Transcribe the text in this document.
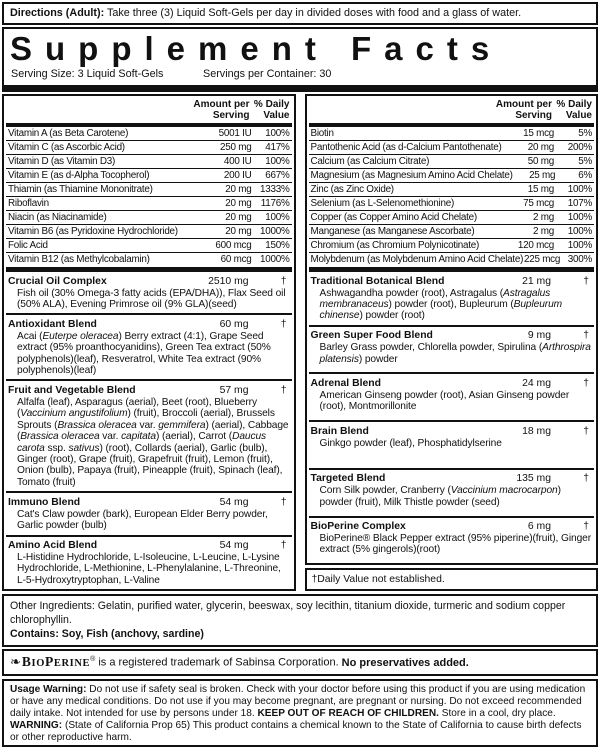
Directions (Adult): Take three (3) Liquid Soft-Gels per day in divided doses with food and a glass of water.
Supplement Facts
Serving Size: 3 Liquid Soft-Gels	Servings per Container: 30
Amount per Serving
% Daily Value
Vitamin A (as Beta Carotene)	5001 IU	100%
Vitamin C (as Ascorbic Acid)	250 mg	417%
Vitamin D (as Vitamin D3)	400 IU	100%
Vitamin E (as d-Alpha Tocopherol)	200 IU	667%
Thiamin (as Thiamine Mononitrate)	20 mg 1333%
Riboflavin	20 mg 1176%
Niacin (as Niacinamide)	20 mg	100%
Vitamin B6 (as Pyridoxine Hydrochloride)	20 mg 1000%
Folic Acid	600 mcg	150%
Vitamin B12 (as Methylcobalamin)	60 mcg 1000%
Crucial Oil Complex	2510 mg	†
Fish oil (30% Omega-3 fatty acids (EPA/DHA)), Flax Seed oil (50% ALA), Evening Primrose oil (9% GLA)(seed)
Antioxidant Blend	60 mg	†
Acai (Euterpe oleracea) Berry extract (4:1), Grape Seed extract (95% proanthocyanidins), Green Tea extract (50% polyphenols)(leaf), Resveratrol, White Tea extract (90% polyphenols)(leaf)
Fruit and Vegetable Blend	57 mg	†
Alfalfa (leaf), Asparagus (aerial), Beet (root), Blueberry (Vaccinium angustifolium) (fruit), Broccoli (aerial), Brussels Sprouts (Brassica oleracea var. gemmifera) (aerial), Cabbage (Brassica oleracea var. capitata) (aerial), Carrot (Daucus carota ssp. sativus) (root), Collards (aerial), Garlic (bulb), Ginger (root), Grape (fruit), Grapefruit (fruit), Lemon (fruit), Onion (bulb), Papaya (fruit), Pineapple (fruit), Spinach (leaf), Tomato (fruit)
Immuno Blend	54 mg	†
Cat's Claw powder (bark), European Elder Berry powder, Garlic powder (bulb)
Amino Acid Blend	54 mg	†
L-Histidine Hydrochloride, L-Isoleucine, L-Leucine, L-Lysine Hydrochloride, L-Methionine, L-Phenylalanine, L-Threonine, L-5-Hydroxytryptophan, L-Valine
Amount per Serving
% Daily Value
Biotin	15 mcg	5%
Pantothenic Acid (as d-Calcium Pantothenate)	20 mg	200%
Calcium (as Calcium Citrate)	50 mg	5%
Magnesium (as Magnesium Amino Acid Chelate)	25 mg	6%
Zinc (as Zinc Oxide)	15 mg	100%
Selenium (as L-Selenomethionine)	75 mcg	107%
Copper (as Copper Amino Acid Chelate)	2 mg	100%
Manganese (as Manganese Ascorbate)	2 mg	100%
Chromium (as Chromium Polynicotinate)	120 mcg	100%
Molybdenum (as Molybdenum Amino Acid Chelate) 225 mcg 300%
Traditional Botanical Blend	21 mg	†
Ashwagandha powder (root), Astragalus (Astragalus membranaceus) powder (root), Bupleurum (Bupleurum chinense) powder (root)
Green Super Food Blend	9 mg	†
Barley Grass powder, Chlorella powder, Spirulina (Arthrospira platensis) powder
Adrenal Blend	24 mg	†
American Ginseng powder (root), Asian Ginseng powder (root), Montmorillonite
Brain Blend	18 mg	†
Ginkgo powder (leaf), Phosphatidylserine
Targeted Blend	135 mg	†
Corn Silk powder, Cranberry (Vaccinium macrocarpon) powder (fruit), Milk Thistle powder (seed)
BioPerine Complex	6 mg	†
BioPerine® Black Pepper extract (95% piperine)(fruit), Ginger extract (5% gingerols)(root)
†Daily Value not established.
Other Ingredients: Gelatin, purified water, glycerin, beeswax, soy lecithin, titanium dioxide, turmeric and sodium copper chlorophyllin.
Contains: Soy, Fish (anchovy, sardine)
❧BIOPERINE® is a registered trademark of Sabinsa Corporation. No preservatives added.

Usage Warning: Do not use if safety seal is broken. Check with your doctor before using this product if you are using medication or have any medical conditions. Do not use if you may become pregnant, are pregnant or nursing. Do not exceed recommended daily intake. Not intended for use by persons under 18. KEEP OUT OF REACH OF CHILDREN. Store in a cool, dry place.

WARNING: (State of California Prop 65) This product contains a chemical known to the State of California to cause birth defects or other reproductive harm.
